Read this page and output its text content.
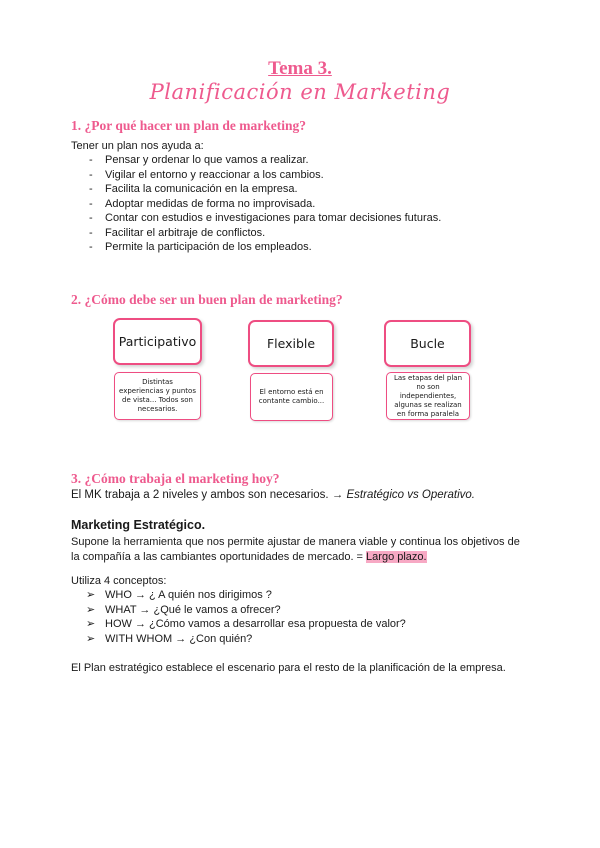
Tema 3.
Planificación en Marketing
1. ¿Por qué hacer un plan de marketing?
Tener un plan nos ayuda a:
- Pensar y ordenar lo que vamos a realizar.
- Vigilar el entorno y reaccionar a los cambios.
- Facilita la comunicación en la empresa.
- Adoptar medidas de forma no improvisada.
- Contar con estudios e investigaciones para tomar decisiones futuras.
- Facilitar el arbitraje de conflictos.
- Permite la participación de los empleados.
2. ¿Cómo debe ser un buen plan de marketing?
Participativo
Distintas experiencias y puntos de vista... Todos son necesarios.
Flexible
El entorno está en contante cambio...
Bucle
Las etapas del plan no son independientes, algunas se realizan en forma paralela
3. ¿Cómo trabaja el marketing hoy?
El MK trabaja a 2 niveles y ambos son necesarios. → Estratégico vs Operativo.
Marketing Estratégico.
Supone la herramienta que nos permite ajustar de manera viable y continua los objetivos de
la compañía a las cambiantes oportunidades de mercado. = Largo plazo.
Utiliza 4 conceptos:
➢ WHO → ¿ A quién nos dirigimos ?
➢ WHAT → ¿Qué le vamos a ofrecer?
➢ HOW → ¿Cómo vamos a desarrollar esa propuesta de valor?
➢ WITH WHOM → ¿Con quién?
El Plan estratégico establece el escenario para el resto de la planificación de la empresa.
